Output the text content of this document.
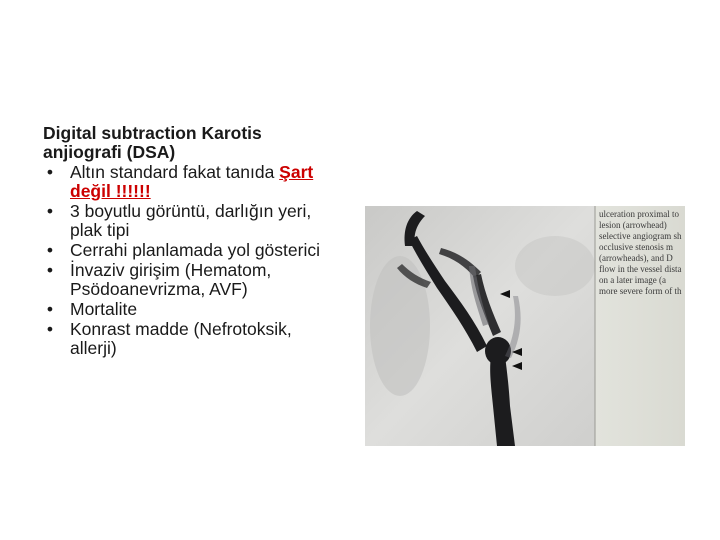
Digital subtraction Karotis
anjiografi (DSA)
• Altın standard fakat tanıda Şart değil !!!!!!
• 3 boyutlu görüntü, darlığın yeri, plak tipi
• Cerrahi planlamada yol gösterici
• İnvaziv girişim (Hematom, Psödoanevrizma, AVF)
• Mortalite
• Konrast madde (Nefrotoksik, allerji)
ulceration proximal to
lesion (arrowhead)
selective angiogram sh
occlusive stenosis m
(arrowheads), and D
flow in the vessel dista
on a later image (a
more severe form of th
